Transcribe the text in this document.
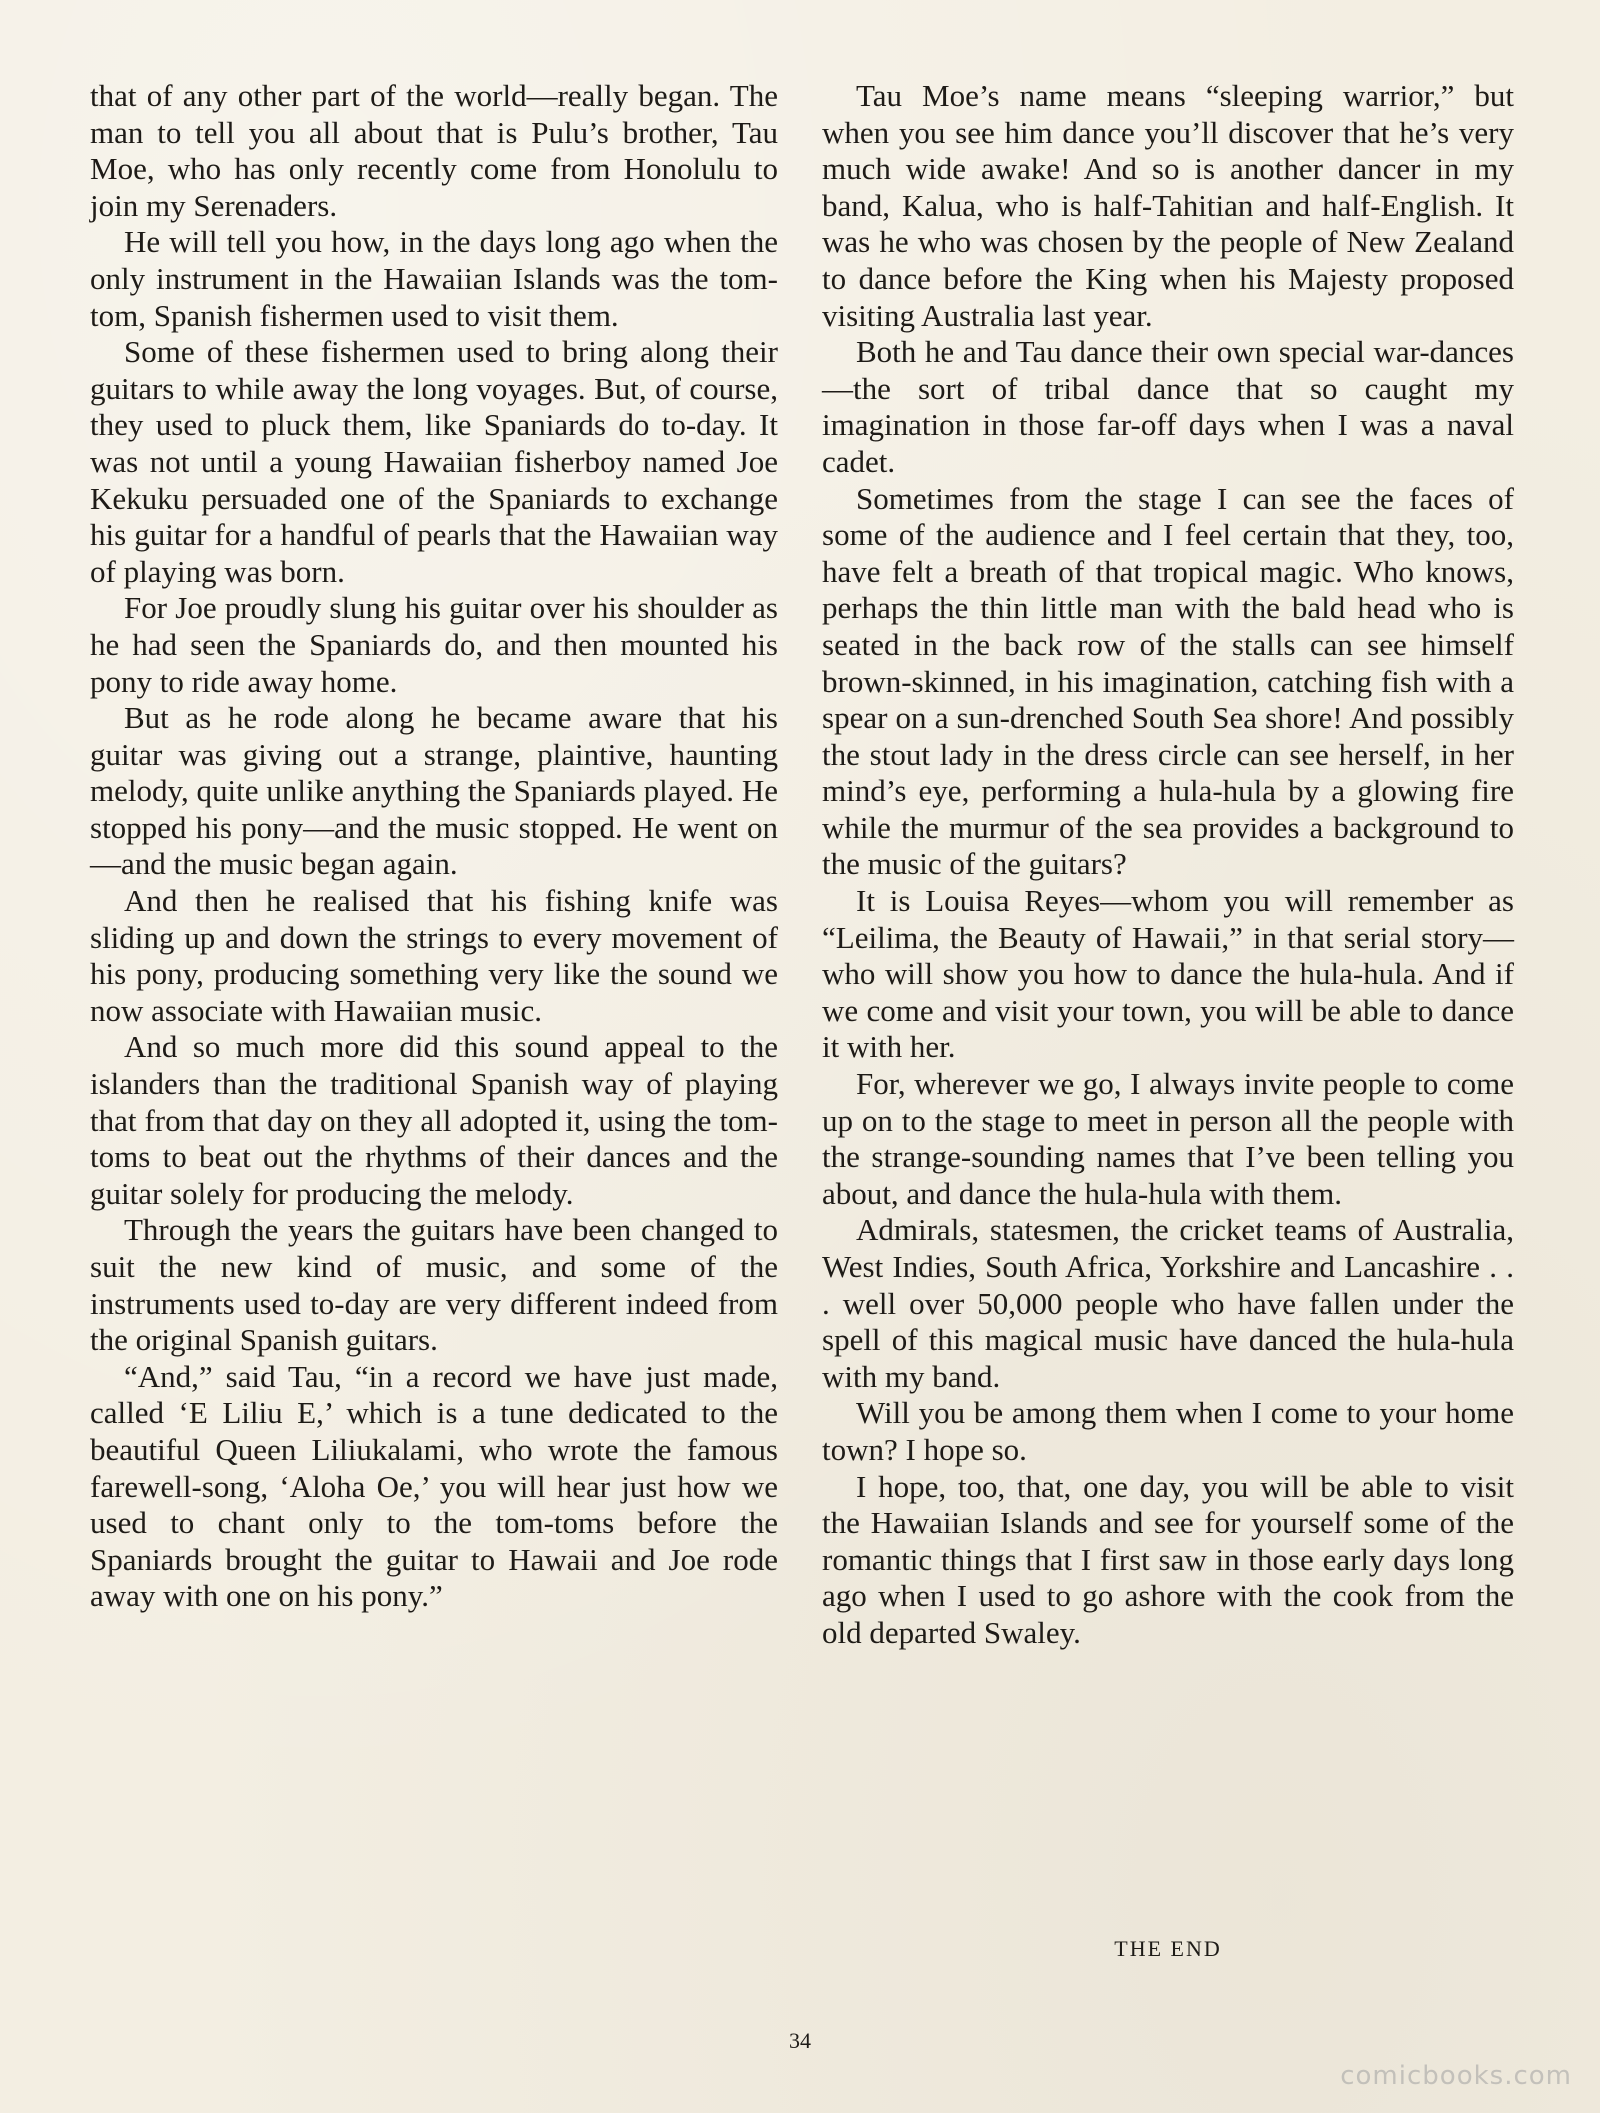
that of any other part of the world—really began. The man to tell you all about that is Pulu’s brother, Tau Moe, who has only recently come from Honolulu to join my Serenaders.

He will tell you how, in the days long ago when the only instrument in the Hawaiian Islands was the tom-tom, Spanish fishermen used to visit them.

Some of these fishermen used to bring along their guitars to while away the long voyages. But, of course, they used to pluck them, like Spaniards do to-day. It was not until a young Hawaiian fisherboy named Joe Kekuku persuaded one of the Spaniards to exchange his guitar for a handful of pearls that the Hawaiian way of playing was born.

For Joe proudly slung his guitar over his shoulder as he had seen the Spaniards do, and then mounted his pony to ride away home.

But as he rode along he became aware that his guitar was giving out a strange, plaintive, haunting melody, quite unlike anything the Spaniards played. He stopped his pony—and the music stopped. He went on—and the music began again.

And then he realised that his fishing knife was sliding up and down the strings to every movement of his pony, producing something very like the sound we now associate with Hawaiian music.

And so much more did this sound appeal to the islanders than the traditional Spanish way of playing that from that day on they all adopted it, using the tom-toms to beat out the rhythms of their dances and the guitar solely for producing the melody.

Through the years the guitars have been changed to suit the new kind of music, and some of the instruments used to-day are very different indeed from the original Spanish guitars.

“And,” said Tau, “in a record we have just made, called ‘E Liliu E,’ which is a tune dedicated to the beautiful Queen Liliukalami, who wrote the famous farewell-song, ‘Aloha Oe,’ you will hear just how we used to chant only to the tom-toms before the Spaniards brought the guitar to Hawaii and Joe rode away with one on his pony.”

Tau Moe’s name means “sleeping warrior,” but when you see him dance you’ll discover that he’s very much wide awake! And so is another dancer in my band, Kalua, who is half-Tahitian and half-English. It was he who was chosen by the people of New Zealand to dance before the King when his Majesty proposed visiting Australia last year.

Both he and Tau dance their own special war-dances—the sort of tribal dance that so caught my imagination in those far-off days when I was a naval cadet.

Sometimes from the stage I can see the faces of some of the audience and I feel certain that they, too, have felt a breath of that tropical magic. Who knows, perhaps the thin little man with the bald head who is seated in the back row of the stalls can see himself brown-skinned, in his imagination, catching fish with a spear on a sun-drenched South Sea shore! And possibly the stout lady in the dress circle can see herself, in her mind’s eye, performing a hula-hula by a glowing fire while the murmur of the sea provides a background to the music of the guitars?

It is Louisa Reyes—whom you will remember as “Leilima, the Beauty of Hawaii,” in that serial story—who will show you how to dance the hula-hula. And if we come and visit your town, you will be able to dance it with her.

For, wherever we go, I always invite people to come up on to the stage to meet in person all the people with the strange-sounding names that I’ve been telling you about, and dance the hula-hula with them.

Admirals, statesmen, the cricket teams of Australia, West Indies, South Africa, Yorkshire and Lancashire . . . well over 50,000 people who have fallen under the spell of this magical music have danced the hula-hula with my band.

Will you be among them when I come to your home town? I hope so.

I hope, too, that, one day, you will be able to visit the Hawaiian Islands and see for yourself some of the romantic things that I first saw in those early days long ago when I used to go ashore with the cook from the old departed Swaley.

THE END
34
comicbooks.com
